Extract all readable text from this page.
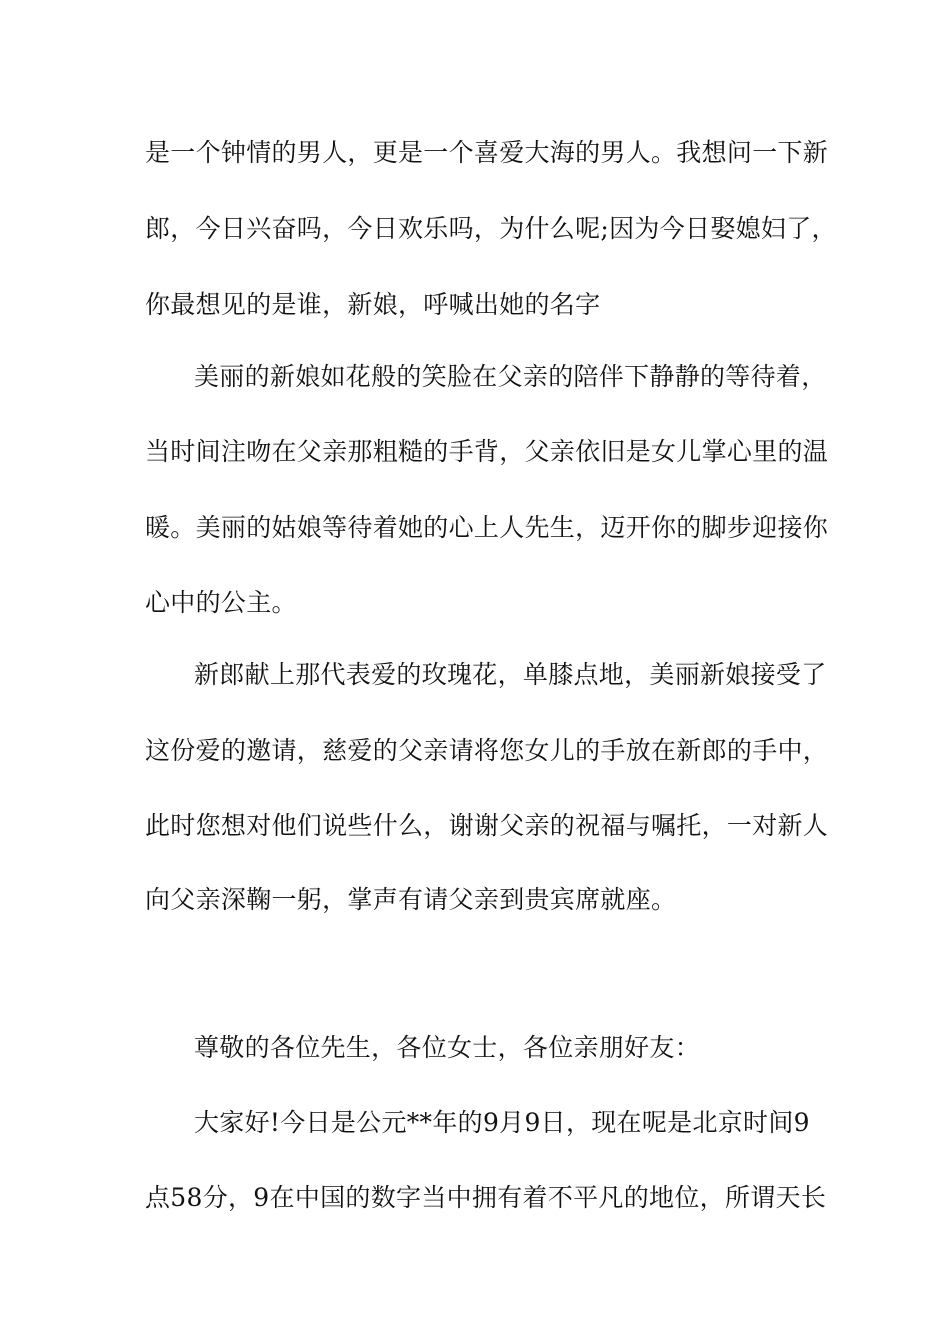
是一个钟情的男人，更是一个喜爱大海的男人。我想问一下新
郎，今日兴奋吗，今日欢乐吗，为什么呢;因为今日娶媳妇了，
你最想见的是谁，新娘，呼喊出她的名字
美丽的新娘如花般的笑脸在父亲的陪伴下静静的等待着，
当时间注吻在父亲那粗糙的手背，父亲依旧是女儿掌心里的温
暖。美丽的姑娘等待着她的心上人先生，迈开你的脚步迎接你
心中的公主。
新郎献上那代表爱的玫瑰花，单膝点地，美丽新娘接受了
这份爱的邀请，慈爱的父亲请将您女儿的手放在新郎的手中，
此时您想对他们说些什么，谢谢父亲的祝福与嘱托，一对新人
向父亲深鞠一躬，掌声有请父亲到贵宾席就座。
尊敬的各位先生，各位女士，各位亲朋好友：
大家好!今日是公元**年的9月9日，现在呢是北京时间9
点58分，9在中国的数字当中拥有着不平凡的地位，所谓天长
